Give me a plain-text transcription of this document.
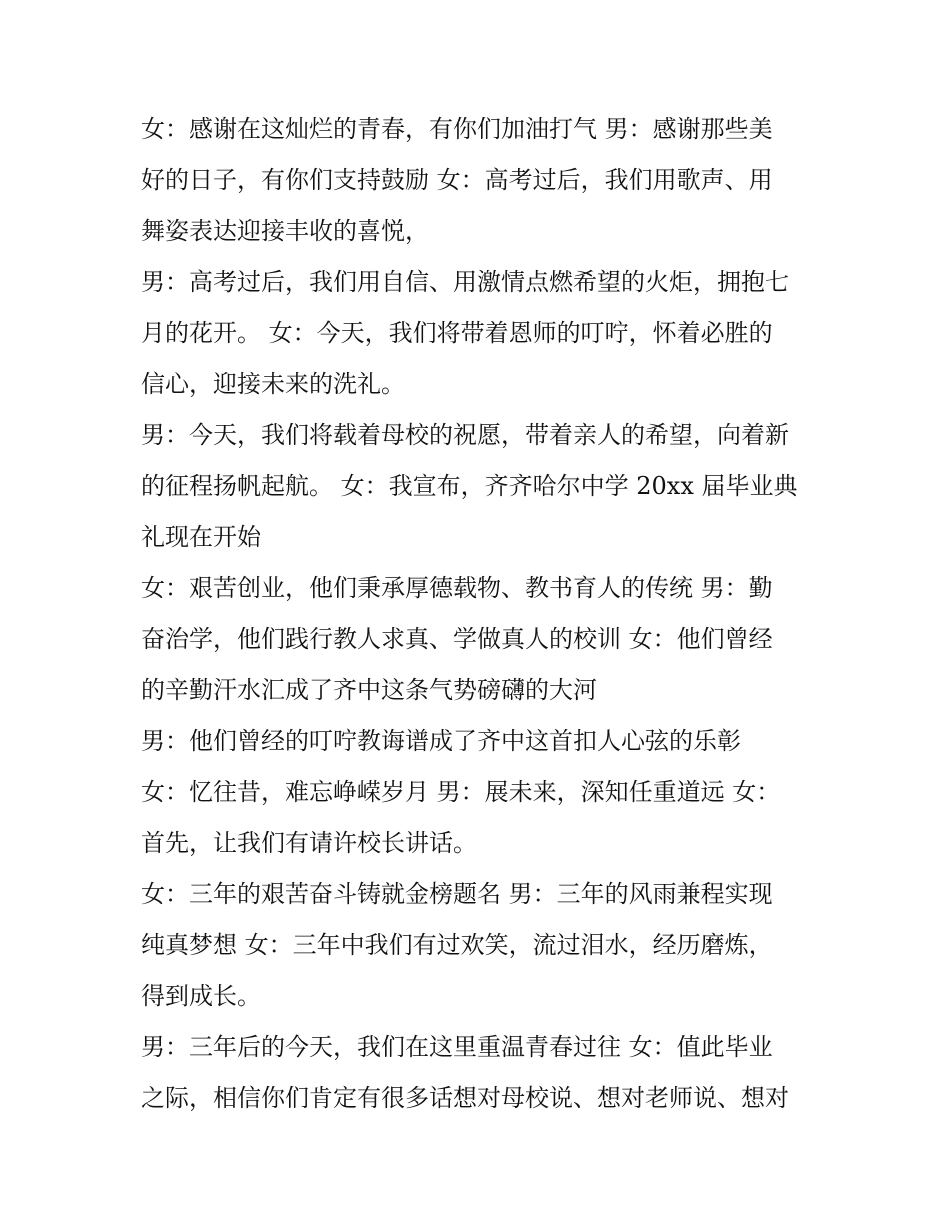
女：感谢在这灿烂的青春，有你们加油打气 男：感谢那些美
好的日子，有你们支持鼓励 女：高考过后，我们用歌声、用
舞姿表达迎接丰收的喜悦，

男：高考过后，我们用自信、用激情点燃希望的火炬，拥抱七
月的花开。 女：今天，我们将带着恩师的叮咛，怀着必胜的
信心，迎接未来的洗礼。

男：今天，我们将载着母校的祝愿，带着亲人的希望，向着新
的征程扬帆起航。 女：我宣布，齐齐哈尔中学 20xx 届毕业典
礼现在开始

女：艰苦创业，他们秉承厚德载物、教书育人的传统 男：勤
奋治学，他们践行教人求真、学做真人的校训 女：他们曾经
的辛勤汗水汇成了齐中这条气势磅礴的大河

男：他们曾经的叮咛教诲谱成了齐中这首扣人心弦的乐彰

女：忆往昔，难忘峥嵘岁月 男：展未来，深知任重道远 女：
首先，让我们有请许校长讲话。

女：三年的艰苦奋斗铸就金榜题名 男：三年的风雨兼程实现
纯真梦想 女：三年中我们有过欢笑，流过泪水，经历磨炼，
得到成长。

男：三年后的今天，我们在这里重温青春过往 女：值此毕业
之际，相信你们肯定有很多话想对母校说、想对老师说、想对
